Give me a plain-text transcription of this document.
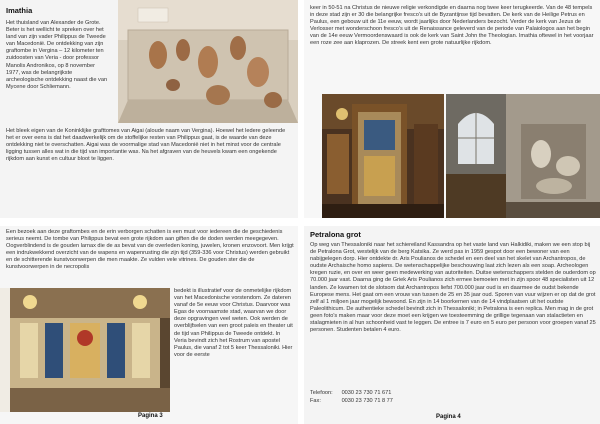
Imathia

Het thuisland van Alexander de Grote. Beter is het wellicht te spreken over het land van zijn vader Philippus de Tweede van Macedonië. De ontdekking van zijn graftombe in Vergina – 12 kilometer ten zuidoosten van Veria - door professor Manolis Andronikos, op 8 november 1977, was de belangrijkste archeologische ontdekking naast die van Mycene door Schliemann.

Het bleek eigen van de Koninklijke grafttomes van Aigai (aloude naam van Vergina). Hoewel het ledere geleende het er over eens is dat het daadwerkelijk om de stoffelijke resten van Philippus gaat, is de waarde van deze ontdekking niet te overschatten. Aigai was de voormalige stad van Macedonië niet in het minst voor de centrale ligging tussen alles wat in die tijd van importantie was. Na het afgraven van de heuvels kwam een ongekende rijkdom aan kunst en cultuur bloot te liggen.

keer in 50-51 na Christus de nieuwe religie verkondigde en daarna nog twee keer terugkeerde. Van de 48 tempels in deze stad zijn er 30 die belangrijke fresco's uit de Byzantijnse tijd bevatten. De kerk van de Heilige Petrus en Paulus, een gebouw uit de 11e eeuw, wordt jaarlijks door Nederlanders bezocht. Verder de kerk van Jezus de Verlosser met wonderschoon fresco's uit de Renaissance geleverd van de periode van Palaiologos aan het begin van de 14e eeuw Vermoordenswaard is ook de kerk van Saint John the Theologian. Imathia oftewel in het voorjaar een roze zee aan klaprozen. De streek kent een grote natuurlijke rijkdom.

Een bezoek aan deze graftombes en de erin verborgen schatten is een must voor iedereen die de geschiedenis serieus neemt. De tombe van Philippus bevat een grote rijkdom aan giften die de doden werden meegegeven. Oogverblindend is de gouden larnax die de as bevat van de overleden koning, juwelen, kronen enzovoort. Men krijgt een indrukwekkend overzicht van de wapens en wapenrusting die zijn tijd (359-336 voor Christus) werden gebruikt en de schitterende kunstvoorwerpen die men maakte. Ze vulden vele vitrines. De gouden ster die de kunstvoorwerpen in de necropolis

bedekt is illustratief voor de onmetelijke rijkdom van het Macedonische vorstendom. Ze dateren vanaf de 5e eeuw voor Christus. Daarvoor was Egas de voornaamste stad, waarvan we door deze opgravingen veel weten. Ook werden de overblijfselen van een groot paleis en theater uit de tijd van Philippus de Tweede ontdekt. In Veria bevindt zich het Rostrum van apostel Paulus, die vanaf 2 tot 5 keer Thessaloniki. Hier voor de eerste

Pagina 3
Petralona grot

Op weg van Thessaloniki naar het schiereiland Kassandra op het vaste land van Halkidiki, maken we een stop bij de Petralona Grot, westelijk van de berg Katsika. Ze werd pas in 1959 gespot door een bewoner van een nabijgelegen dorp. Hier ontdekte dr. Aris Poulianos de schedel en een deel van het skelet van Archantropos, de oudste Archaische homo sapiens. De wetenschappelijke beschouwing laat zich lezen als een soap. Archeologen kregen ruzie, en over en weer geen medewerking van autoriteiten. Duitse wetenschappers stelden de ouderdom op 70.000 jaar vast. Daarna ging de Griek Aris Poulianos zich ermee bemoeien met in zijn spoor 48 specialisten uit 12 landen. Ze kwamen tot de slotsom dat Archantropos liefst 700.000 jaar oud is en daarmee de oudst bekende Europese mens. Het gaat om een vrouw van tussen de 25 en 35 jaar oud. Sporen van vuur wijzen er op dat de grot zelf al 1 miljoen jaar mogelijk bewoond. En zijn in 14 boorkernen van de 14 vindplaatsen uit het oudste Paleolithicum. De authentieke schedel bevindt zich in Thessaloniki; in Petralona is een replica. Men mag in de grot geen foto's maken maar voor deze moet een krijgen we toesteemming de grillige tegenaan van stalactieten en stalagmieten in al hun schoonheid vast te leggen. De entree is 7 euro en 5 euro per persoon voor groepen vanaf 25 personen. Studenten betalen 4 euro.

Telefoon: 0030 23 730 71 671
Fax:	0030 23 730 71 8 77
Pagina 4
